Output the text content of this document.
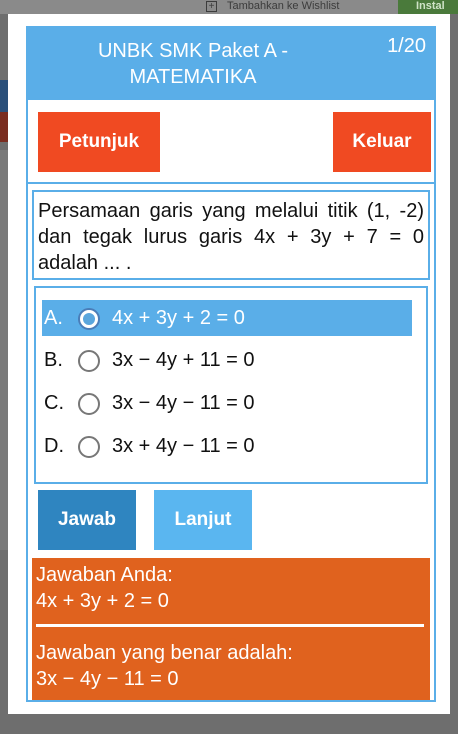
+ Tambahkan ke Wishlist	Instal
UNBK SMK Paket A - MATEMATIKA
1/20
Petunjuk	Keluar
Persamaan garis yang melalui titik (1, -2) dan tegak lurus garis 4x + 3y + 7 = 0 adalah ... .
A. 4x + 3y + 2 = 0
B. 3x − 4y + 11 = 0
C. 3x − 4y − 11 = 0
D. 3x + 4y − 11 = 0
Jawab	Lanjut
Jawaban Anda:
4x + 3y + 2 = 0
Jawaban yang benar adalah:
3x − 4y − 11 = 0
